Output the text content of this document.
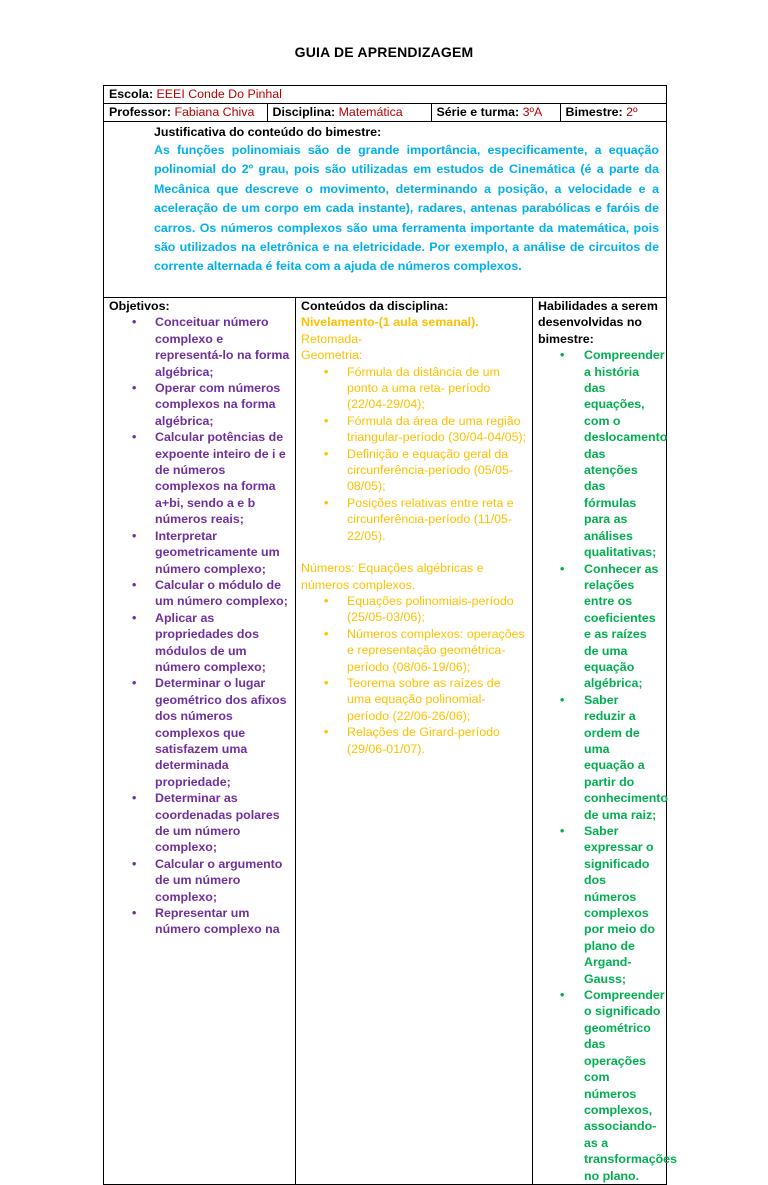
GUIA DE APRENDIZAGEM
Escola: EEEI Conde Do Pinhal

Professor: Fabiana Chiva	Disciplina: Matemática	Série e turma: 3ºA	Bimestre: 2º

Justificativa do conteúdo do bimestre:
As funções polinomiais são de grande importância, especificamente, a equação polinomial do 2º grau, pois são utilizadas em estudos de Cinemática (é a parte da Mecânica que descreve o movimento, determinando a posição, a velocidade e a aceleração de um corpo em cada instante), radares, antenas parabólicas e faróis de carros. Os números complexos são uma ferramenta importante da matemática, pois são utilizados na eletrônica e na eletricidade. Por exemplo, a análise de circuitos de corrente alternada é feita com a ajuda de números complexos.

Objetivos:
• Conceituar número complexo e representá-lo na forma algébrica;
• Operar com números complexos na forma algébrica;
• Calcular potências de expoente inteiro de i e de números complexos na forma a+bi, sendo a e b números reais;
• Interpretar geometricamente um número complexo;
• Calcular o módulo de um número complexo;
• Aplicar as propriedades dos módulos de um número complexo;
• Determinar o lugar geométrico dos afixos dos números complexos que satisfazem uma determinada propriedade;
• Determinar as coordenadas polares de um número complexo;
• Calcular o argumento de um número complexo;
• Representar um número complexo na

Conteúdos da disciplina:
Nivelamento-(1 aula semanal).
Retomada-
Geometria:
• Fórmula da distância de um ponto a uma reta- período (22/04-29/04);
• Fórmula da área de uma região triangular-período (30/04-04/05);
• Definição e equação geral da circunferência-período (05/05-08/05);
• Posições relativas entre reta e circunferência-período (11/05-22/05).
Números: Equações algébricas e números complexos.
• Equações polinomiais-período (25/05-03/06);
• Números complexos: operações e representação geométrica- período (08/06-19/06);
• Teorema sobre as raízes de uma equação polinomial- período (22/06-26/06);
• Relações de Girard-período (29/06-01/07).

Habilidades a serem desenvolvidas no bimestre:
• Compreender a história das equações, com o deslocamento das atenções das fórmulas para as análises qualitativas;
• Conhecer as relações entre os coeficientes e as raízes de uma equação algébrica;
• Saber reduzir a ordem de uma equação a partir do conhecimento de uma raiz;
• Saber expressar o significado dos números complexos por meio do plano de Argand-Gauss;
• Compreender o significado geométrico das operações com números complexos, associando-as a transformações no plano.
